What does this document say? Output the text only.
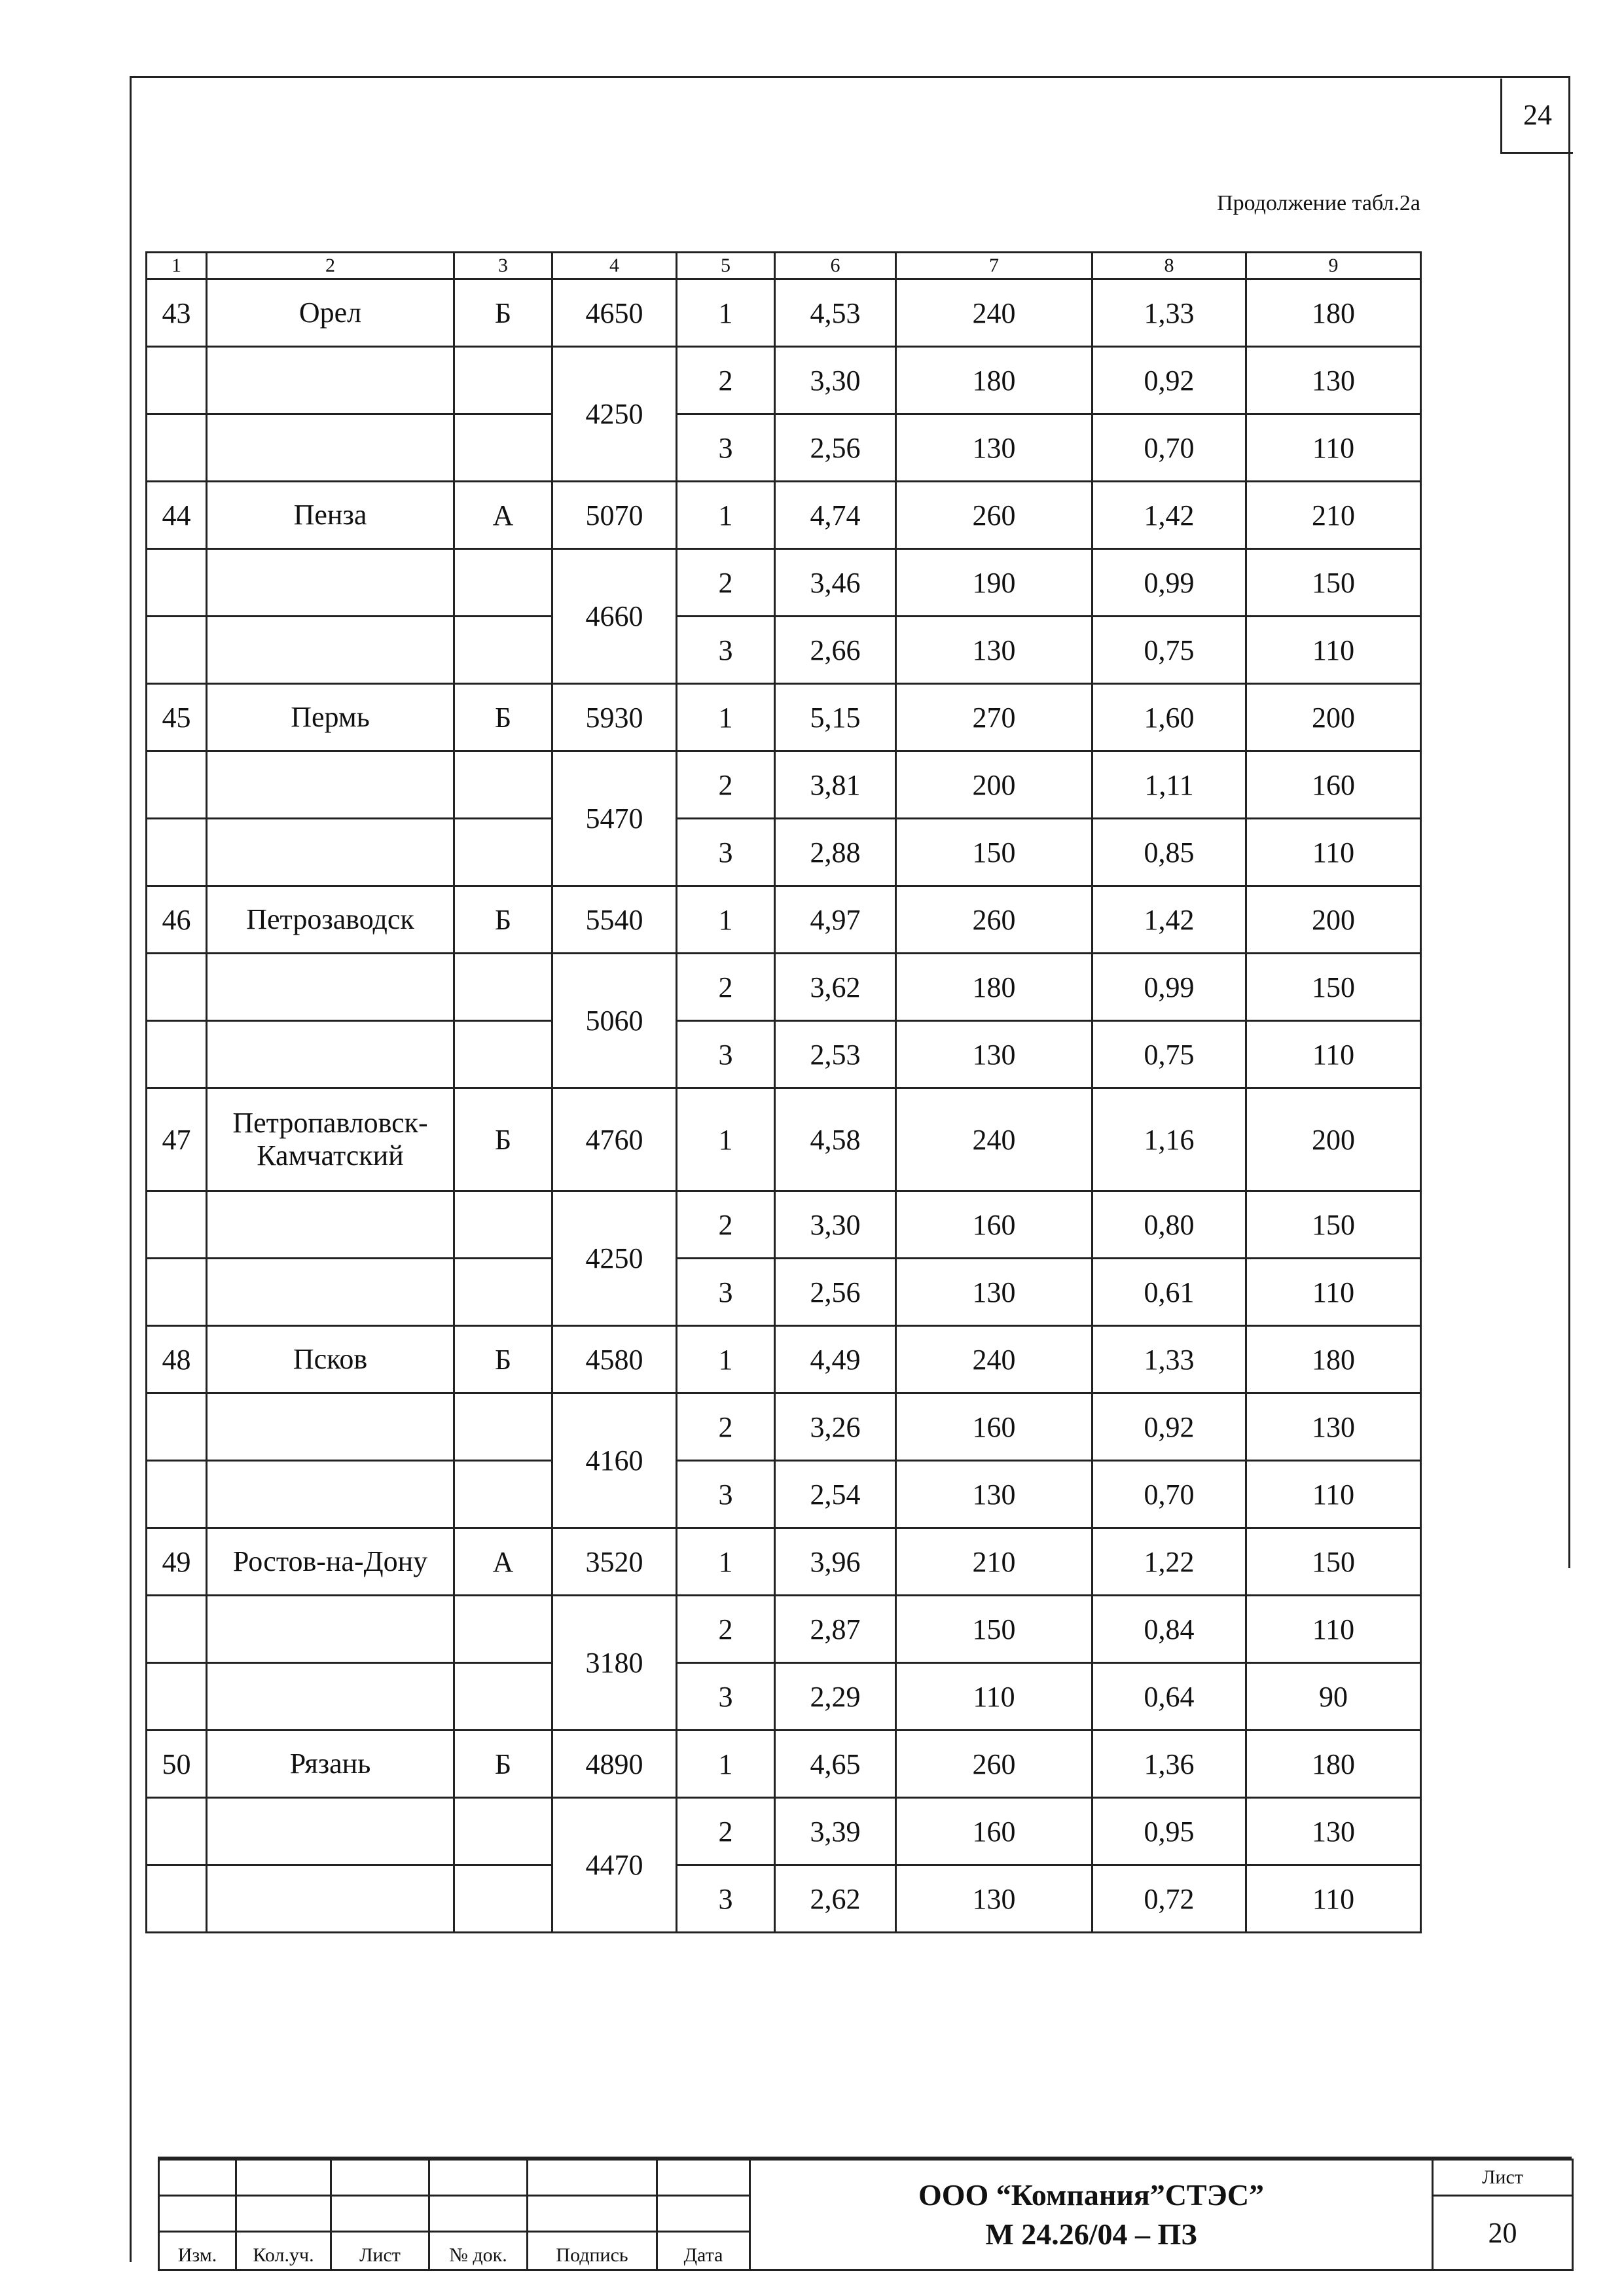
24
Продолжение табл.2а
1	2	3	4	5	6	7	8	9
43	Орел	Б	4650	1	4,53	240	1,33	180
			4250	2	3,30	180	0,92	130
				3	2,56	130	0,70	110
44	Пенза	А	5070	1	4,74	260	1,42	210
			4660	2	3,46	190	0,99	150
				3	2,66	130	0,75	110
45	Пермь	Б	5930	1	5,15	270	1,60	200
			5470	2	3,81	200	1,11	160
				3	2,88	150	0,85	110
46	Петрозаводск	Б	5540	1	4,97	260	1,42	200
			5060	2	3,62	180	0,99	150
				3	2,53	130	0,75	110
47	Петропавловск-Камчатский	Б	4760	1	4,58	240	1,16	200
			4250	2	3,30	160	0,80	150
				3	2,56	130	0,61	110
48	Псков	Б	4580	1	4,49	240	1,33	180
			4160	2	3,26	160	0,92	130
				3	2,54	130	0,70	110
49	Ростов-на-Дону	А	3520	1	3,96	210	1,22	150
			3180	2	2,87	150	0,84	110
				3	2,29	110	0,64	90
50	Рязань	Б	4890	1	4,65	260	1,36	180
			4470	2	3,39	160	0,95	130
				3	2,62	130	0,72	110

						ООО “Компания”СТЭС”
М 24.26/04 – ПЗ	Лист
							20
Изм.	Кол.уч.	Лист	№ док.	Подпись	Дата		
